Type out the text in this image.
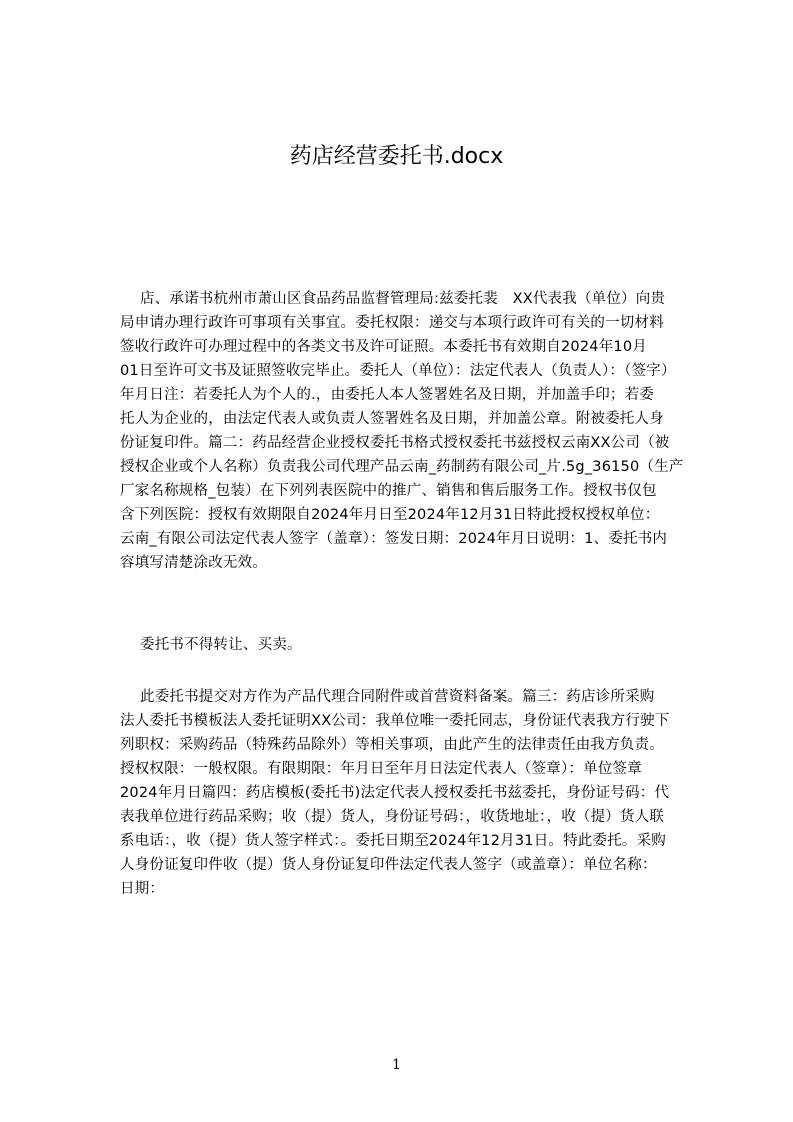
药店经营委托书.docx
店、承诺书杭州市萧山区食品药品监督管理局:兹委托裴　XX代表我（单位）向贵
局申请办理行政许可事项有关事宜。委托权限：递交与本项行政许可有关的一切材料
签收行政许可办理过程中的各类文书及许可证照。本委托书有效期自2024年10月
01日至许可文书及证照签收完毕止。委托人（单位）：法定代表人（负责人）：（签字）
年月日注：若委托人为个人的.，由委托人本人签署姓名及日期，并加盖手印；若委
托人为企业的，由法定代表人或负责人签署姓名及日期，并加盖公章。附被委托人身
份证复印件。篇二：药品经营企业授权委托书格式授权委托书兹授权云南XX公司（被
授权企业或个人名称）负责我公司代理产品云南_药制药有限公司_片.5g_36150（生产
厂家名称规格_包装）在下列列表医院中的推广、销售和售后服务工作。授权书仅包
含下列医院：授权有效期限自2024年月日至2024年12月31日特此授权授权单位：
云南_有限公司法定代表人签字（盖章）：签发日期：2024年月日说明：1、委托书内
容填写清楚涂改无效。
委托书不得转让、买卖。
此委托书提交对方作为产品代理合同附件或首营资料备案。篇三：药店诊所采购
法人委托书模板法人委托证明XX公司：我单位唯一委托同志，身份证代表我方行驶下
列职权：采购药品（特殊药品除外）等相关事项，由此产生的法律责任由我方负责。
授权权限：一般权限。有限期限：年月日至年月日法定代表人（签章）：单位签章
2024年月日篇四：药店模板(委托书)法定代表人授权委托书兹委托，身份证号码：代
表我单位进行药品采购；收（提）货人，身份证号码：，收货地址：，收（提）货人联
系电话：，收（提）货人签字样式：。委托日期至2024年12月31日。特此委托。采购
人身份证复印件收（提）货人身份证复印件法定代表人签字（或盖章）：单位名称：
日期：
1
